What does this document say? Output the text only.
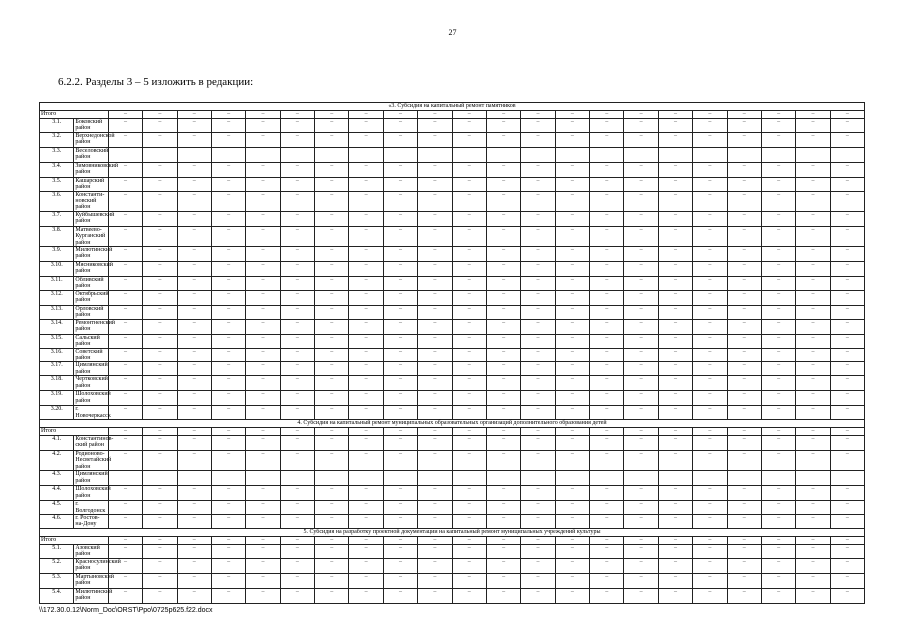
27
6.2.2. Разделы 3 – 5 изложить в редакции:
«3. Субсидия на капитальный ремонт памятников																							
Итого		–	–	–	–	–	–	–	–	–	–	–	–	–	–	–	–	–	–	–	–	–	–
3.1.	Боковский район	–	–	–	–	–	–	–	–	–	–	–	–	–	–	–	–	–	–	–	–	–	–
3.2.	Верхнедонской район	–	–	–	–	–	–	–	–	–	–	–	–	–	–	–	–	–	–	–	–	–	–
3.3.	Веселовский район																						
3.4.	Зимовниковский район	–	–	–	–	–	–	–	–	–	–	–	–	–	–	–	–	–	–	–	–	–	–
3.5.	Кашарский район	–	–	–	–	–	–	–	–	–	–	–	–	–	–	–	–	–	–	–	–	–	–
3.6.	Константи-новский район	–	–	–	–	–	–	–	–	–	–	–	–	–	–	–	–	–	–	–	–	–	–
3.7.	Куйбышевский район	–	–	–	–	–	–	–	–	–	–	–	–	–	–	–	–	–	–	–	–	–	–
3.8.	Матвеево-Курганский район	–	–	–	–	–	–	–	–	–	–	–	–	–	–	–	–	–	–	–	–	–	–
3.9.	Милютинский район	–	–	–	–	–	–	–	–	–	–	–	–	–	–	–	–	–	–	–	–	–	–
3.10.	Мясниковский район	–	–	–	–	–	–	–	–	–	–	–	–	–	–	–	–	–	–	–	–	–	–
3.11.	Обливский район	–	–	–	–	–	–	–	–	–	–	–	–	–	–	–	–	–	–	–	–	–	–
3.12.	Октябрьский район	–	–	–	–	–	–	–	–	–	–	–	–	–	–	–	–	–	–	–	–	–	–
3.13.	Орловский район	–	–	–	–	–	–	–	–	–	–	–	–	–	–	–	–	–	–	–	–	–	–
3.14.	Ремонтненский район	–	–	–	–	–	–	–	–	–	–	–	–	–	–	–	–	–	–	–	–	–	–
3.15.	Сальский район	–	–	–	–	–	–	–	–	–	–	–	–	–	–	–	–	–	–	–	–	–	–
3.16.	Советский район	–	–	–	–	–	–	–	–	–	–	–	–	–	–	–	–	–	–	–	–	–	–
3.17.	Цимлянский район	–	–	–	–	–	–	–	–	–	–	–	–	–	–	–	–	–	–	–	–	–	–
3.18.	Чертковский район	–	–	–	–	–	–	–	–	–	–	–	–	–	–	–	–	–	–	–	–	–	–
3.19.	Шолоховский район	–	–	–	–	–	–	–	–	–	–	–	–	–	–	–	–	–	–	–	–	–	–
3.20.	г. Новочеркасск	–	–	–	–	–	–	–	–	–	–	–	–	–	–	–	–	–	–	–	–	–	–
4. Субсидия на капитальный ремонт муниципальных образовательных организаций дополнительного образования детей																							
Итого		–	–	–	–	–	–	–	–	–	–	–	–	–	–	–	–	–	–	–	–	–	–
4.1.	Константинов-ский район	–	–	–	–	–	–	–	–	–	–	–	–	–	–	–	–	–	–	–	–	–	–
4.2.	Родионово-Несветайский район	–	–	–	–	–	–	–	–	–	–	–	–	–	–	–	–	–	–	–	–	–	–
4.3.	Цимлянский район																						
4.4.	Шолоховский район	–	–	–	–	–	–	–	–	–	–	–	–	–	–	–	–	–	–	–	–	–	–
4.5.	г. Волгодонск	–	–	–	–	–	–	–	–	–	–	–	–	–	–	–	–	–	–	–	–	–	–
4.6.	г. Ростов-на-Дону	–	–	–	–	–	–	–	–	–	–	–	–	–	–	–	–	–	–	–	–	–	–
5. Субсидия на разработку проектной документации на капитальный ремонт муниципальных учреждений культуры																							
Итого		–	–	–	–	–	–	–	–	–	–	–	–	–	–	–	–	–	–	–	–	–	–
5.1.	Азовский район	–	–	–	–	–	–	–	–	–	–	–	–	–	–	–	–	–	–	–	–	–	–
5.2.	Красносулинский район	–	–	–	–	–	–	–	–	–	–	–	–	–	–	–	–	–	–	–	–	–	–
5.3.	Мартыновский район	–	–	–	–	–	–	–	–	–	–	–	–	–	–	–	–	–	–	–	–	–	–
5.4.	Милютинский район	–	–	–	–	–	–	–	–	–	–	–	–	–	–	–	–	–	–	–	–	–	–
\\172.30.0.12\Norm_Doc\ORST\Ppo\0725p625.f22.docx
